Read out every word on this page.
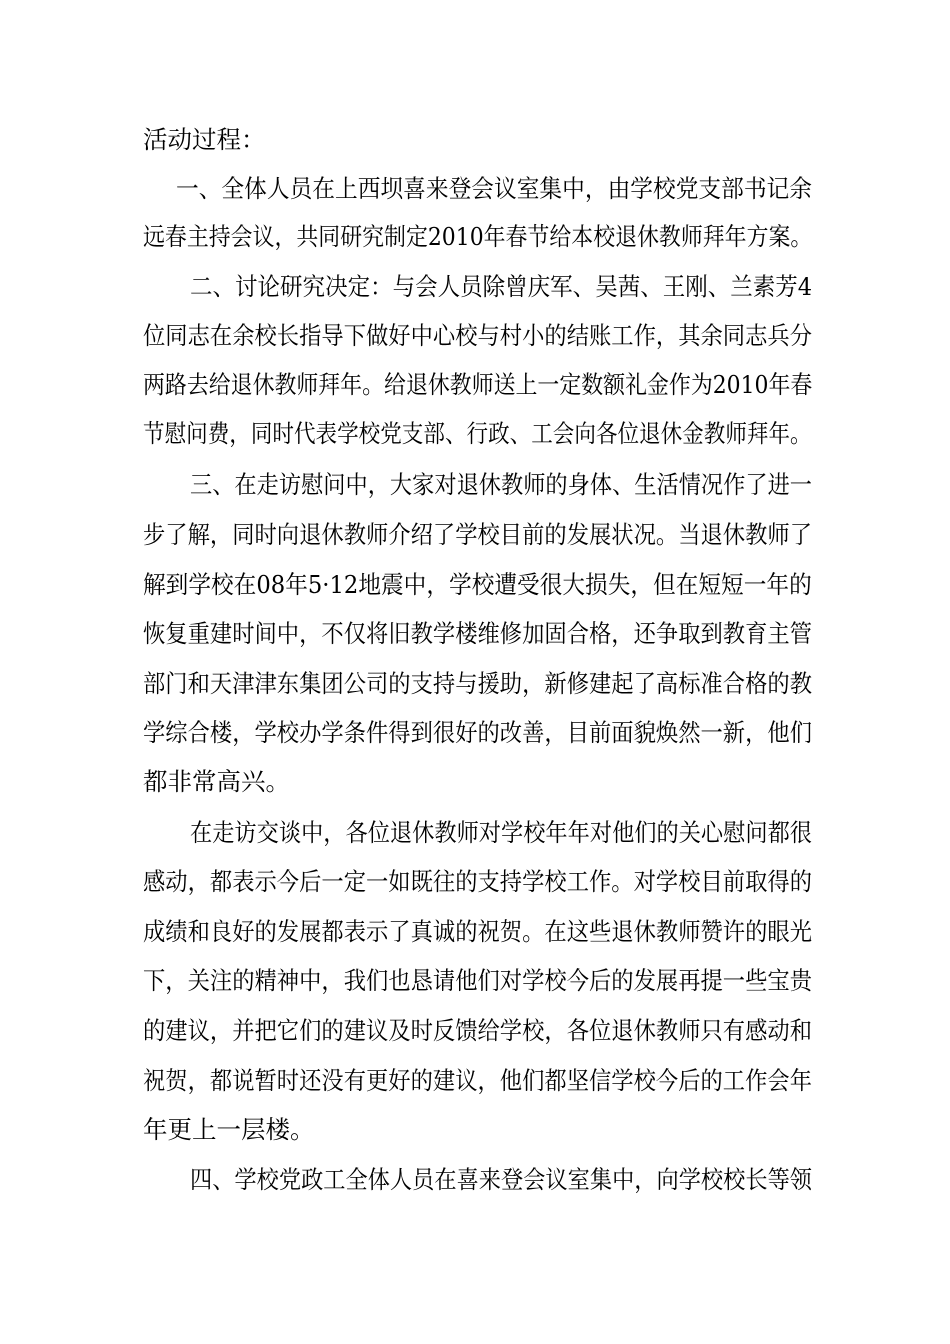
活动过程：
一、全体人员在上西坝喜来登会议室集中，由学校党支部书记余
远春主持会议，共同研究制定2010年春节给本校退休教师拜年方案。
二、讨论研究决定：与会人员除曾庆军、吴茜、王刚、兰素芳4
位同志在余校长指导下做好中心校与村小的结账工作，其余同志兵分
两路去给退休教师拜年。给退休教师送上一定数额礼金作为2010年春
节慰问费，同时代表学校党支部、行政、工会向各位退休金教师拜年。
三、在走访慰问中，大家对退休教师的身体、生活情况作了进一
步了解，同时向退休教师介绍了学校目前的发展状况。当退休教师了
解到学校在08年5·12地震中，学校遭受很大损失，但在短短一年的
恢复重建时间中，不仅将旧教学楼维修加固合格，还争取到教育主管
部门和天津津东集团公司的支持与援助，新修建起了高标准合格的教
学综合楼，学校办学条件得到很好的改善，目前面貌焕然一新，他们
都非常高兴。
在走访交谈中，各位退休教师对学校年年对他们的关心慰问都很
感动，都表示今后一定一如既往的支持学校工作。对学校目前取得的
成绩和良好的发展都表示了真诚的祝贺。在这些退休教师赞许的眼光
下，关注的精神中，我们也恳请他们对学校今后的发展再提一些宝贵
的建议，并把它们的建议及时反馈给学校，各位退休教师只有感动和
祝贺，都说暂时还没有更好的建议，他们都坚信学校今后的工作会年
年更上一层楼。
四、学校党政工全体人员在喜来登会议室集中，向学校校长等领
